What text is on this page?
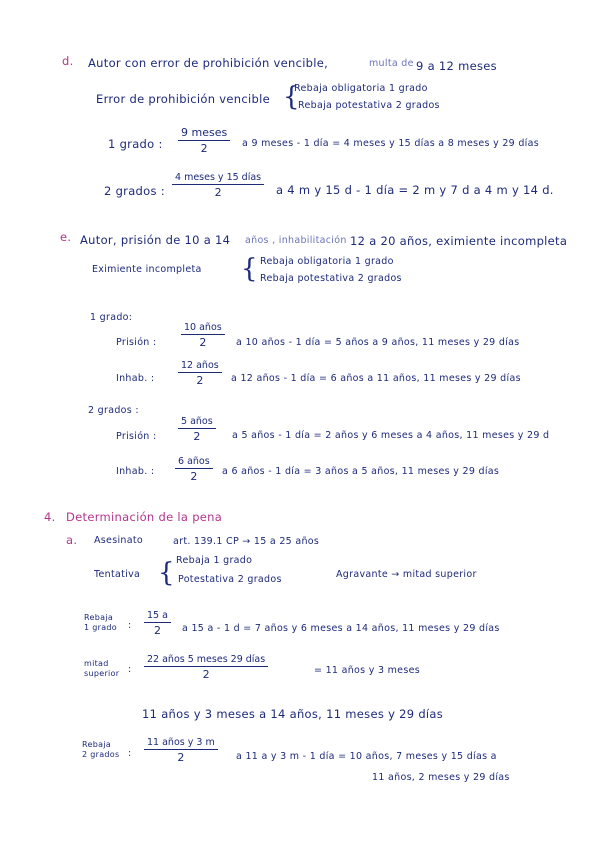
d. Autor con error de prohibición vencible,	multa de 9 a 12 meses
Error de prohibición vencible {
Rebaja obligatoria 1 grado
Rebaja potestativa 2 grados
1 grado :
9 meses
2	a 9 meses - 1 día = 4 meses y 15 días a 8 meses y 29 días
2 grados :
4 meses y 15 días
2	a 4 m y 15 d - 1 día = 2 m y 7 d a 4 m y 14 d.
e. Autor, prisión de 10 a 14 años , inhabilitación 12 a 20 años, eximiente incompleta
Eximiente incompleta { Rebaja obligatoria 1 grado
Rebaja potestativa 2 grados
1 grado:
Prisión :
10 años
2	a 10 años - 1 día = 5 años a 9 años, 11 meses y 29 días
Inhab. :
12 años
2	a 12 años - 1 día = 6 años a 11 años, 11 meses y 29 días
2 grados :
Prisión :
5 años
2	a 5 años - 1 día = 2 años y 6 meses a 4 años, 11 meses y 29 d
Inhab. :
6 años
2	a 6 años - 1 día = 3 años a 5 años, 11 meses y 29 días
4. Determinación de la pena
a. Asesinato	art. 139.1 CP → 15 a 25 años
Tentativa { Rebaja 1 grado
Potestativa 2 grados	Agravante → mitad superior
Rebaja
1 grado : $\frac{15 a}{2}$ a 15 a - 1 d = 7 años y 6 meses a 14 años, 11 meses y 29 días
mitad
superior :
22 años 5 meses 29 días
2	= 11 años y 3 meses
11 años y 3 meses a 14 años, 11 meses y 29 días
Rebaja
2 grados :
11 años y 3 m
2	a 11 a y 3 m - 1 día = 10 años, 7 meses y 15 días a
11 años, 2 meses y 29 días
